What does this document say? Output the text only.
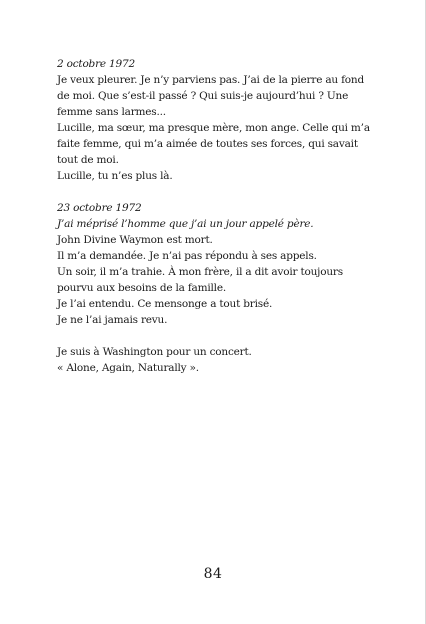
2 octobre 1972
Je veux pleurer. Je n’y parviens pas. J’ai de la pierre au fond
de moi. Que s’est-il passé ? Qui suis-je aujourd’hui ? Une
femme sans larmes...
Lucille, ma sœur, ma presque mère, mon ange. Celle qui m’a
faite femme, qui m’a aimée de toutes ses forces, qui savait
tout de moi.
Lucille, tu n’es plus là.
23 octobre 1972
J’ai méprisé l’homme que j’ai un jour appelé père.
John Divine Waymon est mort.
Il m’a demandée. Je n’ai pas répondu à ses appels.
Un soir, il m’a trahie. À mon frère, il a dit avoir toujours
pourvu aux besoins de la famille.
Je l’ai entendu. Ce mensonge a tout brisé.
Je ne l’ai jamais revu.
Je suis à Washington pour un concert.
« Alone, Again, Naturally ».
84
